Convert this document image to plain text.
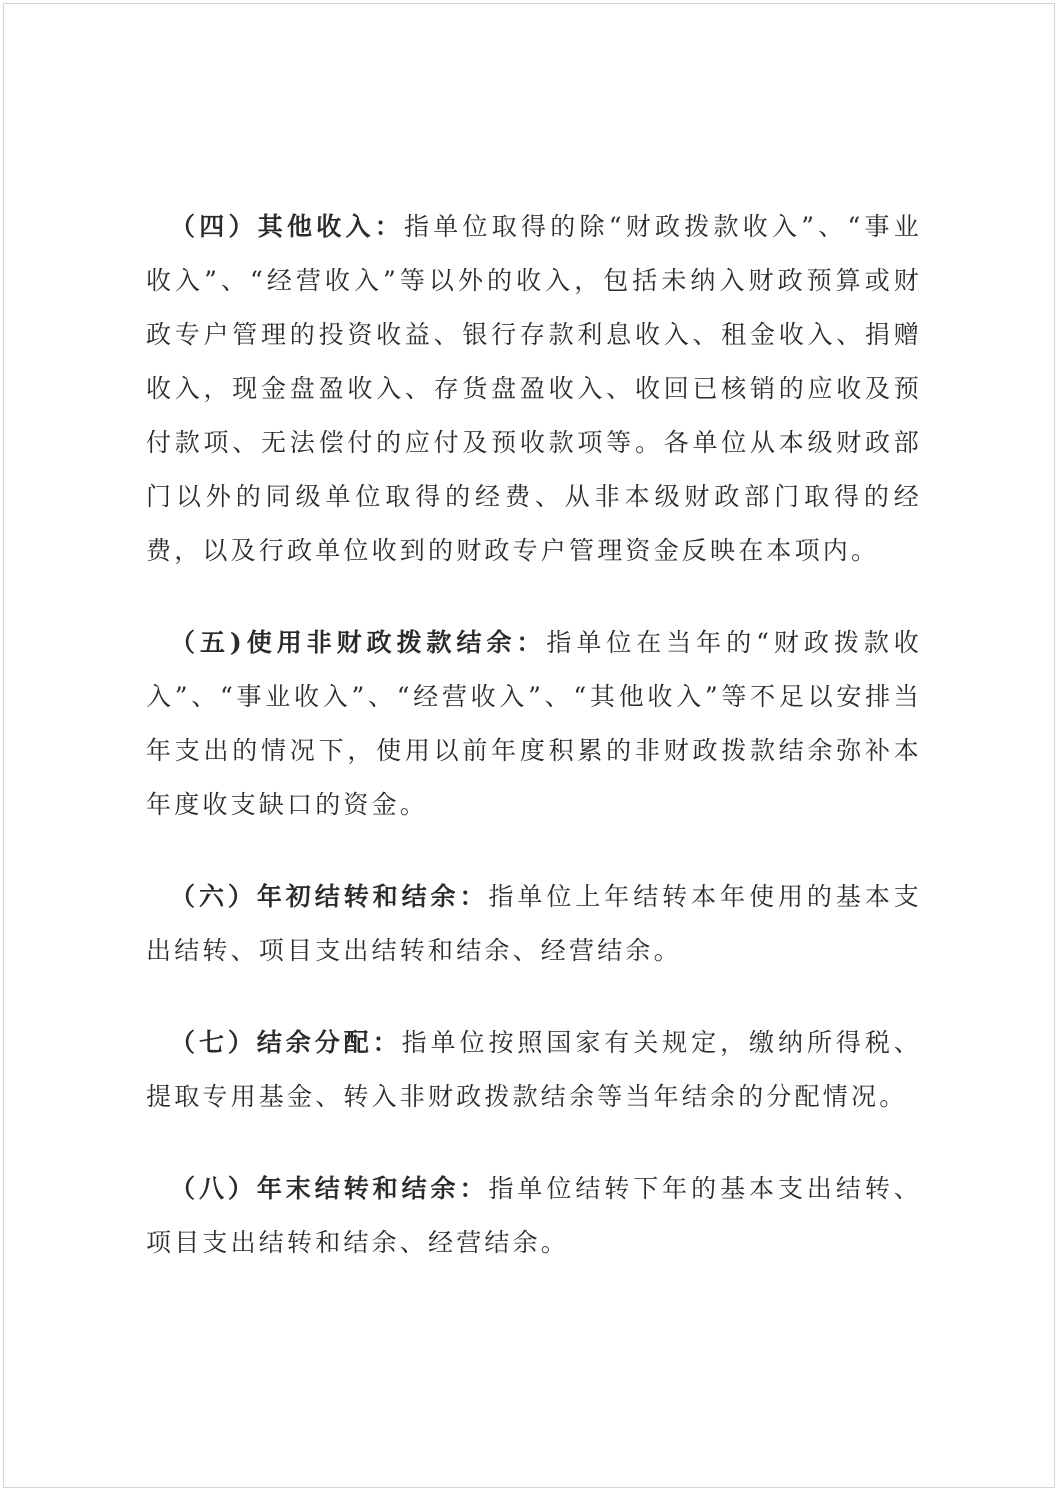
（四）其他收入：指单位取得的除“财政拨款收入”、“事业收入”、“经营收入”等以外的收入，包括未纳入财政预算或财政专户管理的投资收益、银行存款利息收入、租金收入、捐赠收入，现金盘盈收入、存货盘盈收入、收回已核销的应收及预付款项、无法偿付的应付及预收款项等。各单位从本级财政部门以外的同级单位取得的经费、从非本级财政部门取得的经费，以及行政单位收到的财政专户管理资金反映在本项内。

（五)使用非财政拨款结余：指单位在当年的“财政拨款收入”、“事业收入”、“经营收入”、“其他收入”等不足以安排当年支出的情况下，使用以前年度积累的非财政拨款结余弥补本年度收支缺口的资金。

（六）年初结转和结余：指单位上年结转本年使用的基本支出结转、项目支出结转和结余、经营结余。

（七）结余分配：指单位按照国家有关规定，缴纳所得税、提取专用基金、转入非财政拨款结余等当年结余的分配情况。

（八）年末结转和结余：指单位结转下年的基本支出结转、项目支出结转和结余、经营结余。
